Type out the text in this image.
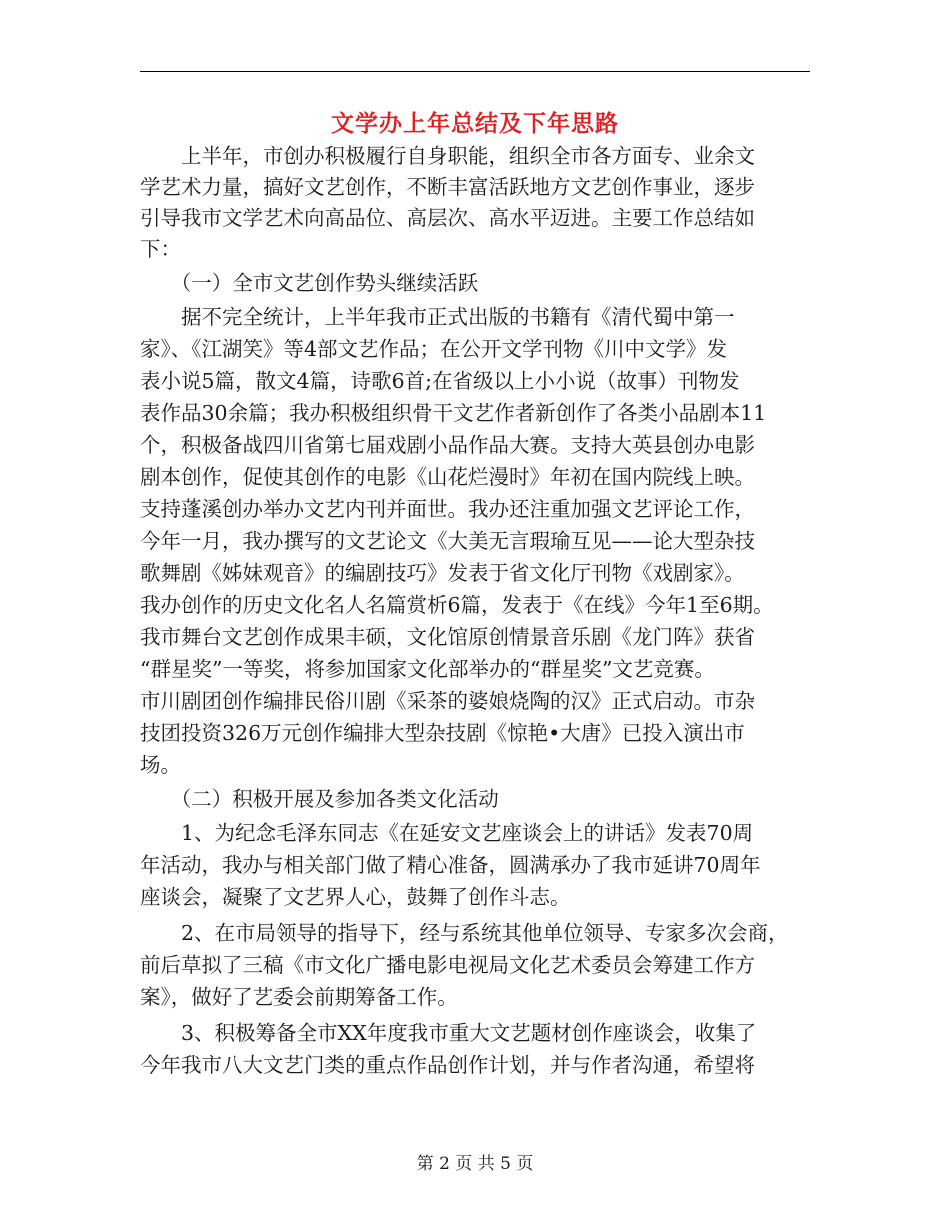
文学办上年总结及下年思路
　　上半年，市创办积极履行自身职能，组织全市各方面专、业余文
学艺术力量，搞好文艺创作，不断丰富活跃地方文艺创作事业，逐步
引导我市文学艺术向高品位、高层次、高水平迈进。主要工作总结如
下：
　　（一）全市文艺创作势头继续活跃
　　据不完全统计，上半年我市正式出版的书籍有《清代蜀中第一
家》、《江湖笑》等4部文艺作品；在公开文学刊物《川中文学》发
表小说5篇，散文4篇，诗歌6首;在省级以上小小说（故事）刊物发
表作品30余篇；我办积极组织骨干文艺作者新创作了各类小品剧本11
个，积极备战四川省第七届戏剧小品作品大赛。支持大英县创办电影
剧本创作，促使其创作的电影《山花烂漫时》年初在国内院线上映。
支持蓬溪创办举办文艺内刊并面世。我办还注重加强文艺评论工作，
今年一月，我办撰写的文艺论文《大美无言瑕瑜互见——论大型杂技
歌舞剧《姊妹观音》的编剧技巧》发表于省文化厅刊物《戏剧家》。
我办创作的历史文化名人名篇赏析6篇，发表于《在线》今年1至6期。
我市舞台文艺创作成果丰硕，文化馆原创情景音乐剧《龙门阵》获省
“群星奖”一等奖，将参加国家文化部举办的“群星奖”文艺竞赛。
市川剧团创作编排民俗川剧《采茶的婆娘烧陶的汉》正式启动。市杂
技团投资326万元创作编排大型杂技剧《惊艳•大唐》已投入演出市
场。
　　（二）积极开展及参加各类文化活动
　　1、为纪念毛泽东同志《在延安文艺座谈会上的讲话》发表70周
年活动，我办与相关部门做了精心准备，圆满承办了我市延讲70周年
座谈会，凝聚了文艺界人心，鼓舞了创作斗志。
　　2、在市局领导的指导下，经与系统其他单位领导、专家多次会商，
前后草拟了三稿《市文化广播电影电视局文化艺术委员会筹建工作方
案》，做好了艺委会前期筹备工作。
　　3、积极筹备全市XX年度我市重大文艺题材创作座谈会，收集了
今年我市八大文艺门类的重点作品创作计划，并与作者沟通，希望将
第 2 页 共 5 页
